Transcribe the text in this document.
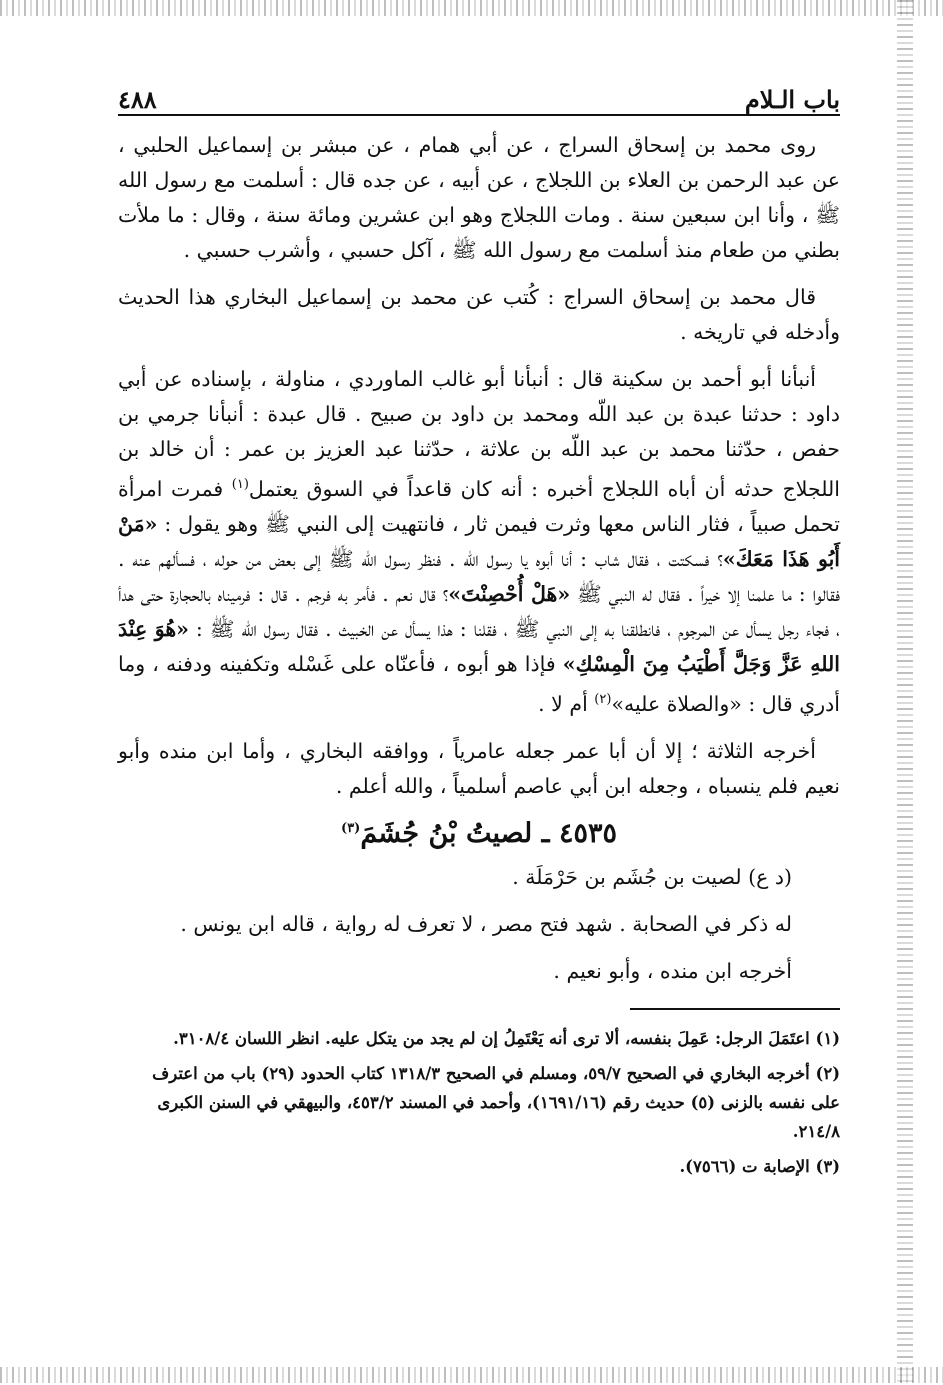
باب الـلام
٤٨٨

روى محمد بن إسحاق السراج ، عن أبي همام ، عن مبشر بن إسماعيل الحلبي ، عن عبد الرحمن بن العلاء بن اللجلاج ، عن أبيه ، عن جده قال : أسلمت مع رسول الله ﷺ ، وأنا ابن سبعين سنة . ومات اللجلاج وهو ابن عشرين ومائة سنة ، وقال : ما ملأت بطني من طعام منذ أسلمت مع رسول الله ﷺ ، آكل حسبي ، وأشرب حسبي .

قال محمد بن إسحاق السراج : كُتب عن محمد بن إسماعيل البخاري هذا الحديث وأدخله في تاريخه .

أنبأنا أبو أحمد بن سكينة قال : أنبأنا أبو غالب الماوردي ، مناولة ، بإسناده عن أبي داود : حدثنا عبدة بن عبد اللّه ومحمد بن داود بن صبيح . قال عبدة : أنبأنا جرمي بن حفص ، حدّثنا محمد بن عبد اللّه بن علاثة ، حدّثنا عبد العزيز بن عمر : أن خالد بن اللجلاج حدثه أن أباه اللجلاج أخبره : أنه كان قاعداً في السوق يعتمل$^{(١)}$ فمرت امرأة تحمل صبياً ، فثار الناس معها وثرت فيمن ثار ، فانتهيت إلى النبي ﷺ وهو يقول : «مَنْ أَبُو هَذَا مَعَكَ»؟ فسكتت ، فقال شاب : أنا أبوه يا رسول الله . فنظر رسول الله ﷺ إلى بعض من حوله ، فسألهم عنه . فقالوا : ما علمنا إلا خيراً . فقال له النبي ﷺ «هَلْ أُحْصِنْتَ»؟ قال نعم . فأمر به فرجم . قال : فرميناه بالحجارة حتى هدأ ، فجاء رجل يسأل عن المرجوم ، فانطلقنا به إلى النبي ﷺ ، فقلنا : هذا يسأل عن الخبيث . فقال رسول الله ﷺ : «هُوَ عِنْدَ اللهِ عَزَّ وَجَلَّ أَطْيَبُ مِنَ الْمِسْكِ» فإذا هو أبوه ، فأعنّاه على غَسْله وتكفينه ودفنه ، وما أدري قال : «والصلاة عليه»$^{(٢)}$ أم لا .

أخرجه الثلاثة ؛ إلا أن أبا عمر جعله عامرياً ، ووافقه البخاري ، وأما ابن منده وأبو نعيم فلم ينسباه ، وجعله ابن أبي عاصم أسلمياً ، والله أعلم .

٤٥٣٥ ـ لصيتُ بْنُ جُشَمَ$^{(٣)}$

(د ع) لصيت بن جُشَم بن حَرْمَلَة .

له ذكر في الصحابة . شهد فتح مصر ، لا تعرف له رواية ، قاله ابن يونس .

أخرجه ابن منده ، وأبو نعيم .

(١) اعتَمَلَ الرجل: عَمِلَ بنفسه، ألا ترى أنه يَعْتَمِلُ إن لم يجد من يتكل عليه. انظر اللسان ٣١٠٨/٤.

(٢) أخرجه البخاري في الصحيح ٥٩/٧، ومسلم في الصحيح ١٣١٨/٣ كتاب الحدود (٢٩) باب من اعترف على نفسه بالزنى (٥) حديث رقم (١٦٩١/١٦)، وأحمد في المسند ٤٥٣/٢، والبيهقي في السنن الكبرى ٢١٤/٨.

(٣) الإصابة ت (٧٥٦٦).
